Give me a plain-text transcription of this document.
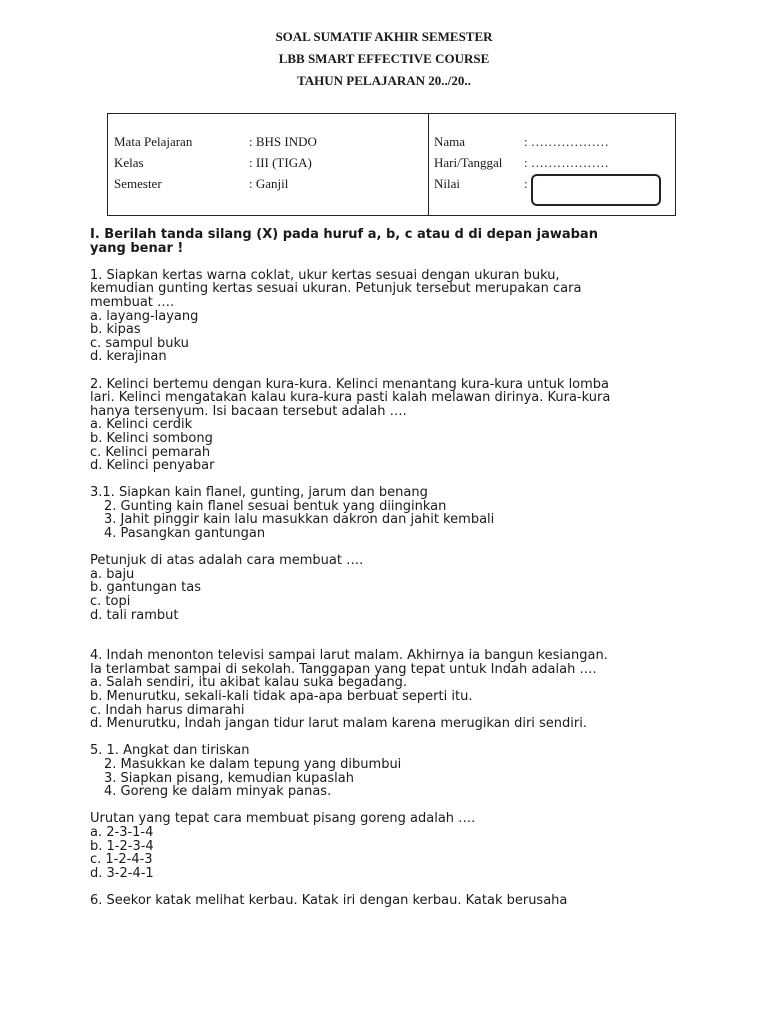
SOAL SUMATIF AKHIR SEMESTER
LBB SMART EFFECTIVE COURSE
TAHUN PELAJARAN 20../20..
Mata Pelajaran	: BHS INDO
Kelas	: III (TIGA)
Semester	: Ganjil
Nama	: ………………
Hari/Tanggal : ………………
Nilai	:
I. Berilah tanda silang (X) pada huruf a, b, c atau d di depan jawaban
yang benar !
1. Siapkan kertas warna coklat, ukur kertas sesuai dengan ukuran buku,
kemudian gunting kertas sesuai ukuran. Petunjuk tersebut merupakan cara
membuat ….
a. layang-layang
b. kipas
c. sampul buku
d. kerajinan
2. Kelinci bertemu dengan kura-kura. Kelinci menantang kura-kura untuk lomba
lari. Kelinci mengatakan kalau kura-kura pasti kalah melawan dirinya. Kura-kura
hanya tersenyum. Isi bacaan tersebut adalah ….
a. Kelinci cerdik
b. Kelinci sombong
c. Kelinci pemarah
d. Kelinci penyabar
3.1. Siapkan kain flanel, gunting, jarum dan benang
2. Gunting kain flanel sesuai bentuk yang diinginkan
3. Jahit pinggir kain lalu masukkan dakron dan jahit kembali
4. Pasangkan gantungan
Petunjuk di atas adalah cara membuat ….
a. baju
b. gantungan tas
c. topi
d. tali rambut
4. Indah menonton televisi sampai larut malam. Akhirnya ia bangun kesiangan.
Ia terlambat sampai di sekolah. Tanggapan yang tepat untuk Indah adalah ….
a. Salah sendiri, itu akibat kalau suka begadang.
b. Menurutku, sekali-kali tidak apa-apa berbuat seperti itu.
c. Indah harus dimarahi
d. Menurutku, Indah jangan tidur larut malam karena merugikan diri sendiri.
5. 1. Angkat dan tiriskan
2. Masukkan ke dalam tepung yang dibumbui
3. Siapkan pisang, kemudian kupaslah
4. Goreng ke dalam minyak panas.
Urutan yang tepat cara membuat pisang goreng adalah ….
a. 2-3-1-4
b. 1-2-3-4
c. 1-2-4-3
d. 3-2-4-1
6. Seekor katak melihat kerbau. Katak iri dengan kerbau. Katak berusaha
